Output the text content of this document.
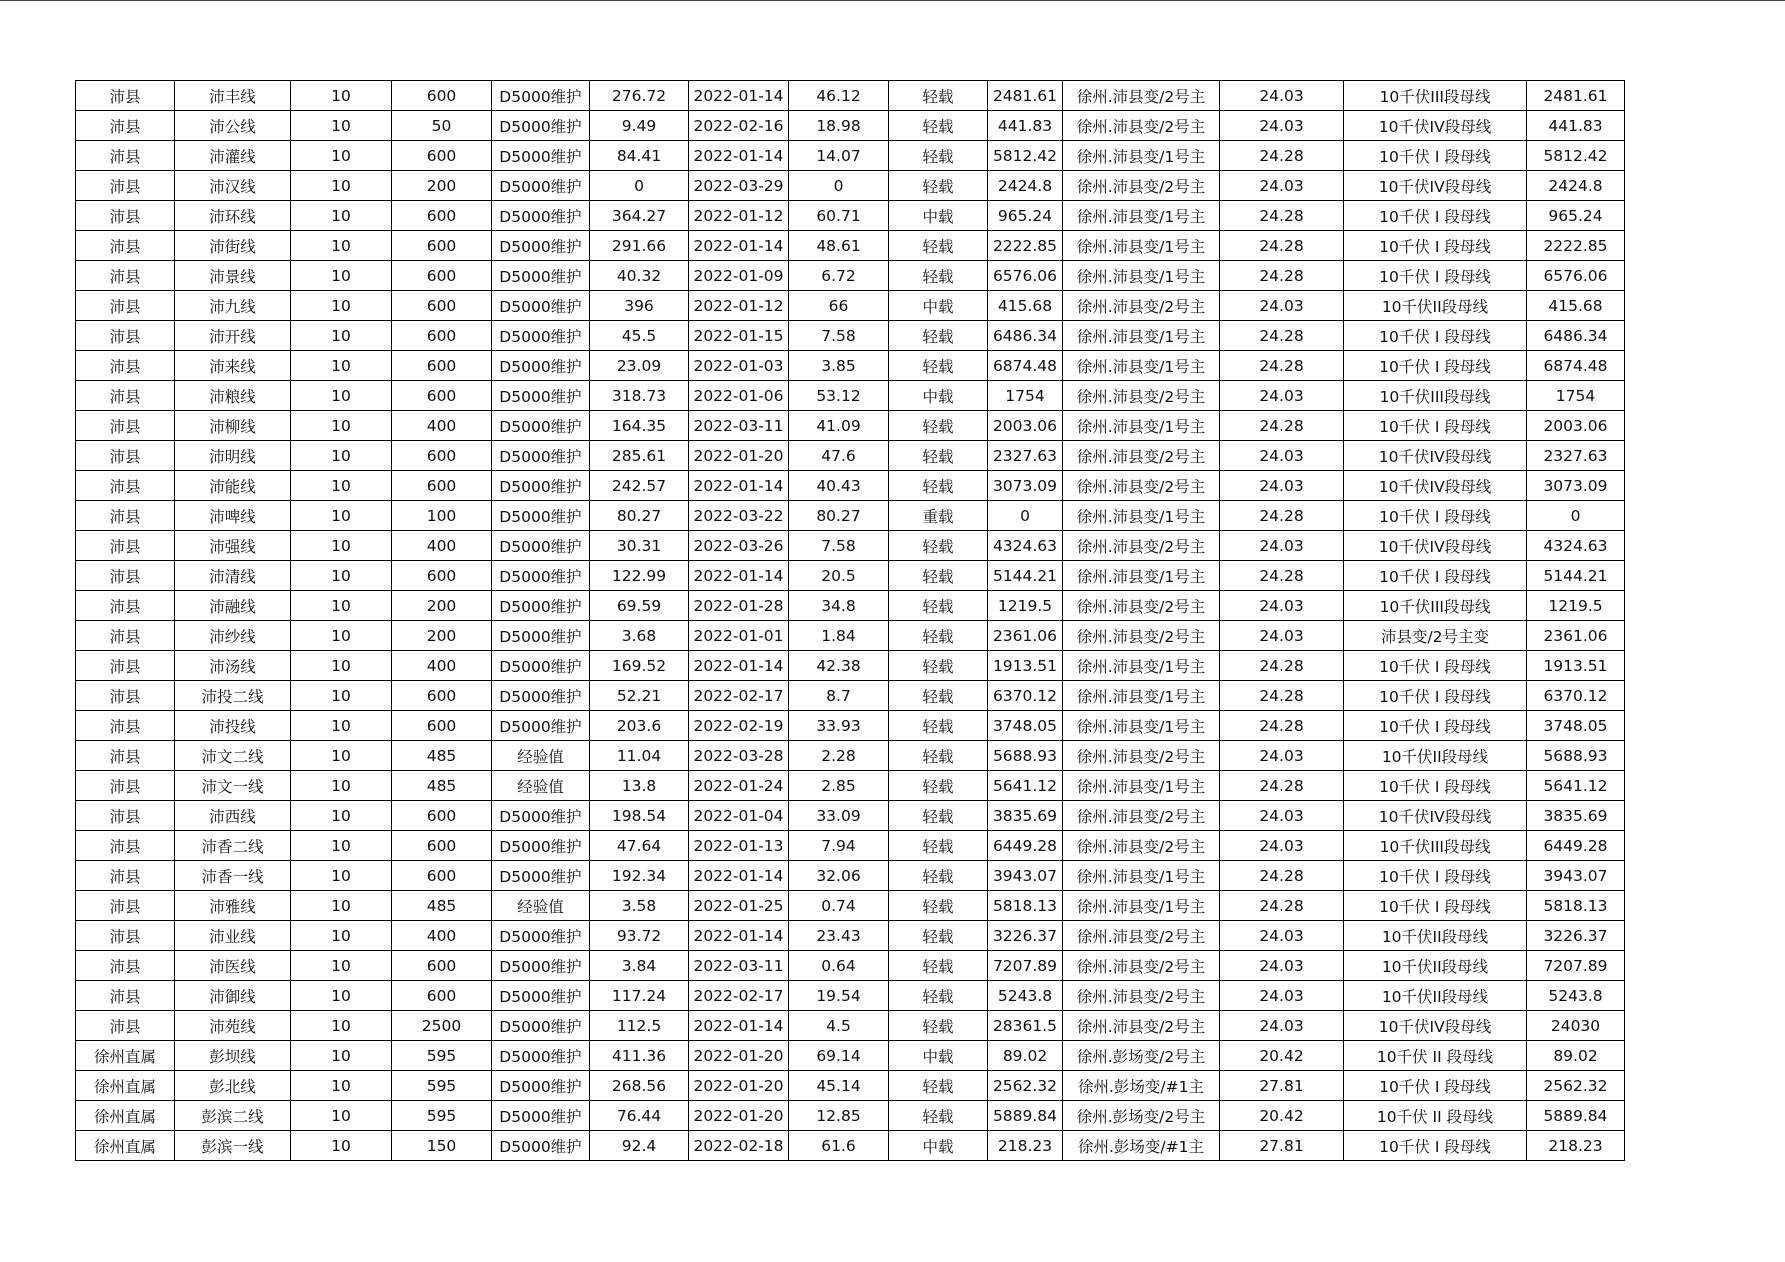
沛县	沛丰线	10	600	D5000维护	276.72	2022-01-14	46.12	轻载	2481.61	徐州.沛县变/2号主	24.03	10千伏III段母线	2481.61
沛县	沛公线	10	50	D5000维护	9.49	2022-02-16	18.98	轻载	441.83	徐州.沛县变/2号主	24.03	10千伏IV段母线	441.83
沛县	沛灌线	10	600	D5000维护	84.41	2022-01-14	14.07	轻载	5812.42	徐州.沛县变/1号主	24.28	10千伏 I 段母线	5812.42
沛县	沛汉线	10	200	D5000维护	0	2022-03-29	0	轻载	2424.8	徐州.沛县变/2号主	24.03	10千伏IV段母线	2424.8
沛县	沛环线	10	600	D5000维护	364.27	2022-01-12	60.71	中载	965.24	徐州.沛县变/1号主	24.28	10千伏 I 段母线	965.24
沛县	沛街线	10	600	D5000维护	291.66	2022-01-14	48.61	轻载	2222.85	徐州.沛县变/1号主	24.28	10千伏 I 段母线	2222.85
沛县	沛景线	10	600	D5000维护	40.32	2022-01-09	6.72	轻载	6576.06	徐州.沛县变/1号主	24.28	10千伏 I 段母线	6576.06
沛县	沛九线	10	600	D5000维护	396	2022-01-12	66	中载	415.68	徐州.沛县变/2号主	24.03	10千伏II段母线	415.68
沛县	沛开线	10	600	D5000维护	45.5	2022-01-15	7.58	轻载	6486.34	徐州.沛县变/1号主	24.28	10千伏 I 段母线	6486.34
沛县	沛来线	10	600	D5000维护	23.09	2022-01-03	3.85	轻载	6874.48	徐州.沛县变/1号主	24.28	10千伏 I 段母线	6874.48
沛县	沛粮线	10	600	D5000维护	318.73	2022-01-06	53.12	中载	1754	徐州.沛县变/2号主	24.03	10千伏III段母线	1754
沛县	沛柳线	10	400	D5000维护	164.35	2022-03-11	41.09	轻载	2003.06	徐州.沛县变/1号主	24.28	10千伏 I 段母线	2003.06
沛县	沛明线	10	600	D5000维护	285.61	2022-01-20	47.6	轻载	2327.63	徐州.沛县变/2号主	24.03	10千伏IV段母线	2327.63
沛县	沛能线	10	600	D5000维护	242.57	2022-01-14	40.43	轻载	3073.09	徐州.沛县变/2号主	24.03	10千伏IV段母线	3073.09
沛县	沛啤线	10	100	D5000维护	80.27	2022-03-22	80.27	重载	0	徐州.沛县变/1号主	24.28	10千伏 I 段母线	0
沛县	沛强线	10	400	D5000维护	30.31	2022-03-26	7.58	轻载	4324.63	徐州.沛县变/2号主	24.03	10千伏IV段母线	4324.63
沛县	沛清线	10	600	D5000维护	122.99	2022-01-14	20.5	轻载	5144.21	徐州.沛县变/1号主	24.28	10千伏 I 段母线	5144.21
沛县	沛融线	10	200	D5000维护	69.59	2022-01-28	34.8	轻载	1219.5	徐州.沛县变/2号主	24.03	10千伏III段母线	1219.5
沛县	沛纱线	10	200	D5000维护	3.68	2022-01-01	1.84	轻载	2361.06	徐州.沛县变/2号主	24.03	沛县变/2号主变	2361.06
沛县	沛汤线	10	400	D5000维护	169.52	2022-01-14	42.38	轻载	1913.51	徐州.沛县变/1号主	24.28	10千伏 I 段母线	1913.51
沛县	沛投二线	10	600	D5000维护	52.21	2022-02-17	8.7	轻载	6370.12	徐州.沛县变/1号主	24.28	10千伏 I 段母线	6370.12
沛县	沛投线	10	600	D5000维护	203.6	2022-02-19	33.93	轻载	3748.05	徐州.沛县变/1号主	24.28	10千伏 I 段母线	3748.05
沛县	沛文二线	10	485	经验值	11.04	2022-03-28	2.28	轻载	5688.93	徐州.沛县变/2号主	24.03	10千伏II段母线	5688.93
沛县	沛文一线	10	485	经验值	13.8	2022-01-24	2.85	轻载	5641.12	徐州.沛县变/1号主	24.28	10千伏 I 段母线	5641.12
沛县	沛西线	10	600	D5000维护	198.54	2022-01-04	33.09	轻载	3835.69	徐州.沛县变/2号主	24.03	10千伏IV段母线	3835.69
沛县	沛香二线	10	600	D5000维护	47.64	2022-01-13	7.94	轻载	6449.28	徐州.沛县变/2号主	24.03	10千伏III段母线	6449.28
沛县	沛香一线	10	600	D5000维护	192.34	2022-01-14	32.06	轻载	3943.07	徐州.沛县变/1号主	24.28	10千伏 I 段母线	3943.07
沛县	沛雅线	10	485	经验值	3.58	2022-01-25	0.74	轻载	5818.13	徐州.沛县变/1号主	24.28	10千伏 I 段母线	5818.13
沛县	沛业线	10	400	D5000维护	93.72	2022-01-14	23.43	轻载	3226.37	徐州.沛县变/2号主	24.03	10千伏II段母线	3226.37
沛县	沛医线	10	600	D5000维护	3.84	2022-03-11	0.64	轻载	7207.89	徐州.沛县变/2号主	24.03	10千伏II段母线	7207.89
沛县	沛御线	10	600	D5000维护	117.24	2022-02-17	19.54	轻载	5243.8	徐州.沛县变/2号主	24.03	10千伏II段母线	5243.8
沛县	沛苑线	10	2500	D5000维护	112.5	2022-01-14	4.5	轻载	28361.5	徐州.沛县变/2号主	24.03	10千伏IV段母线	24030
徐州直属	彭坝线	10	595	D5000维护	411.36	2022-01-20	69.14	中载	89.02	徐州.彭场变/2号主	20.42	10千伏 II 段母线	89.02
徐州直属	彭北线	10	595	D5000维护	268.56	2022-01-20	45.14	轻载	2562.32	徐州.彭场变/#1主	27.81	10千伏 I 段母线	2562.32
徐州直属	彭滨二线	10	595	D5000维护	76.44	2022-01-20	12.85	轻载	5889.84	徐州.彭场变/2号主	20.42	10千伏 II 段母线	5889.84
徐州直属	彭滨一线	10	150	D5000维护	92.4	2022-02-18	61.6	中载	218.23	徐州.彭场变/#1主	27.81	10千伏 I 段母线	218.23
